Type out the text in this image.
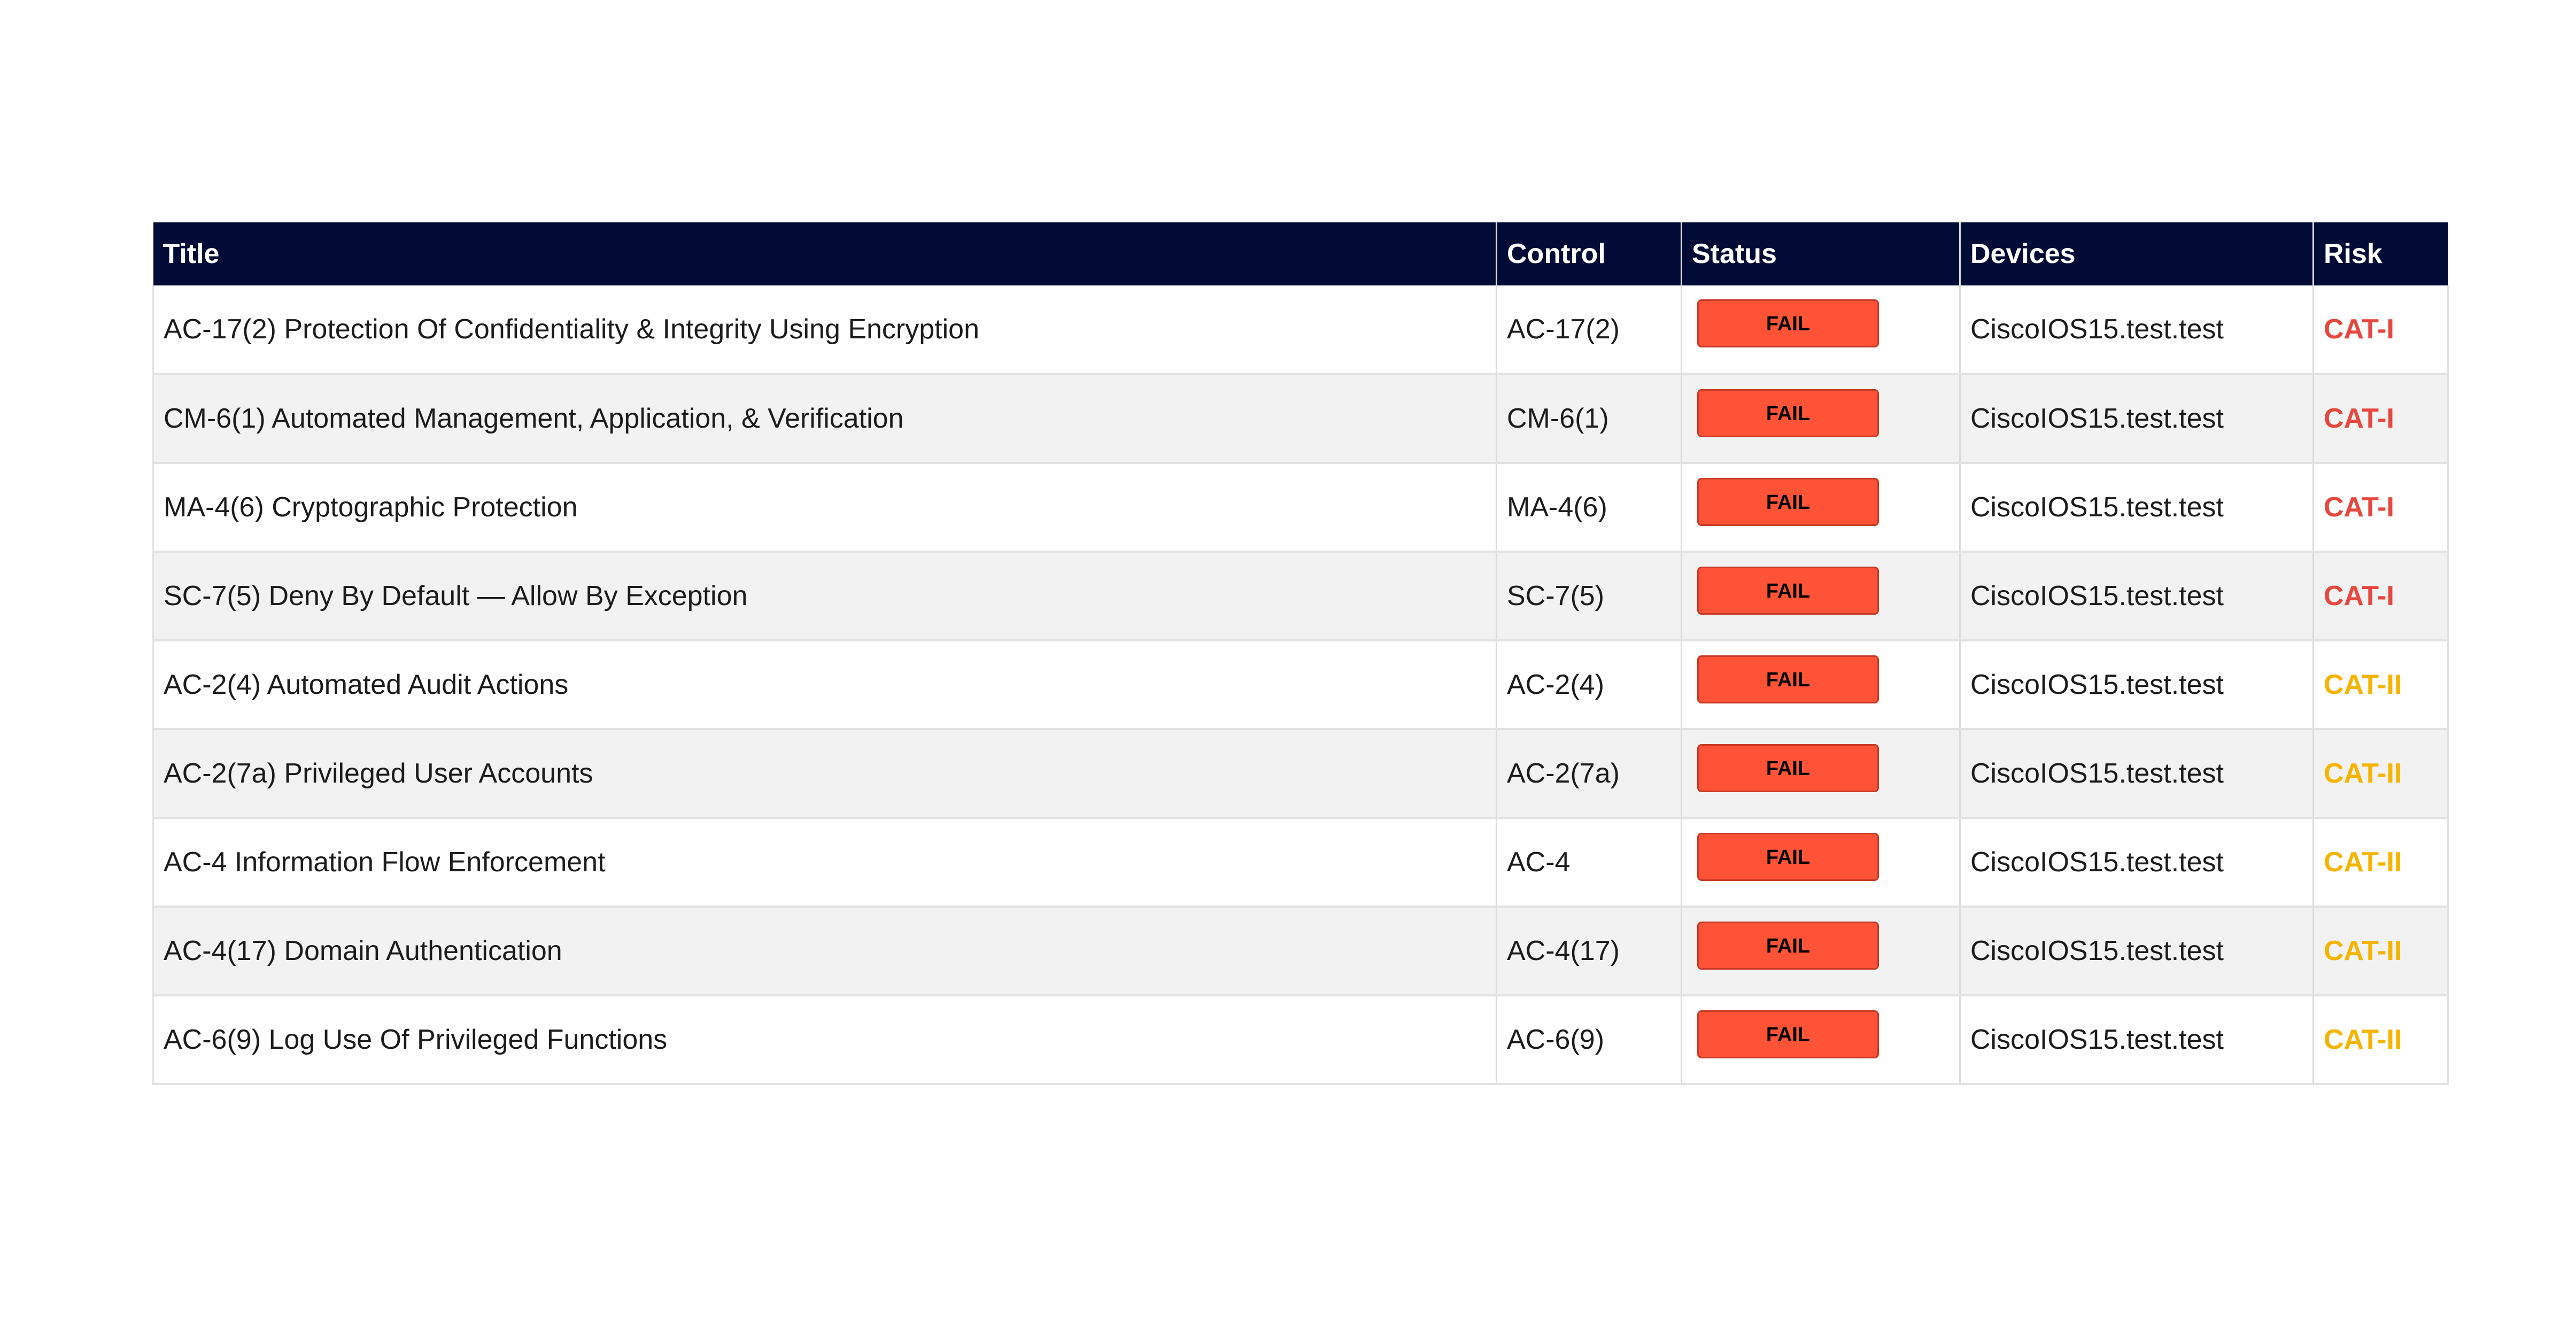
Title	Control	Status	Devices	Risk
AC-17(2) Protection Of Confidentiality & Integrity Using Encryption	AC-17(2)	FAIL	CiscoIOS15.test.test	CAT-I
CM-6(1) Automated Management, Application, & Verification	CM-6(1)	FAIL	CiscoIOS15.test.test	CAT-I
MA-4(6) Cryptographic Protection	MA-4(6)	FAIL	CiscoIOS15.test.test	CAT-I
SC-7(5) Deny By Default — Allow By Exception	SC-7(5)	FAIL	CiscoIOS15.test.test	CAT-I
AC-2(4) Automated Audit Actions	AC-2(4)	FAIL	CiscoIOS15.test.test	CAT-II
AC-2(7a) Privileged User Accounts	AC-2(7a)	FAIL	CiscoIOS15.test.test	CAT-II
AC-4 Information Flow Enforcement	AC-4	FAIL	CiscoIOS15.test.test	CAT-II
AC-4(17) Domain Authentication	AC-4(17)	FAIL	CiscoIOS15.test.test	CAT-II
AC-6(9) Log Use Of Privileged Functions	AC-6(9)	FAIL	CiscoIOS15.test.test	CAT-II
